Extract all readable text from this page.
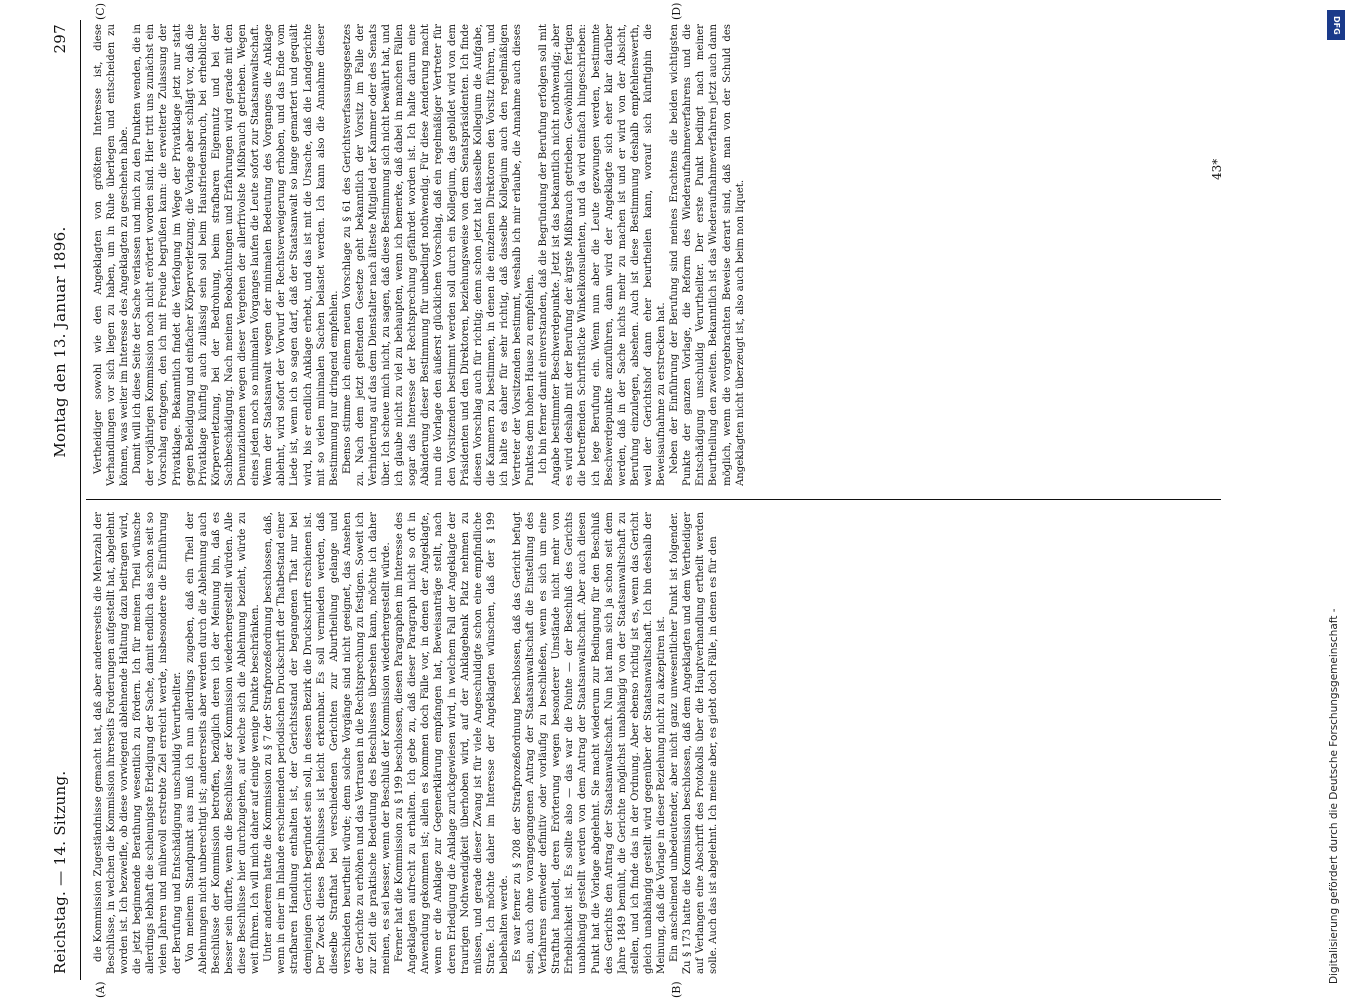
Reichstag. — 14. Sitzung.
Montag den 13. Januar 1896.
297
(A)	(B)
(C)	(D)

die Kommission Zugeständnisse gemacht hat, daß aber andererseits die Mehrzahl der Beschlüsse, in welchen die Kommission ihrerseits Forderungen aufgestellt hat, abgelehnt worden ist. Ich bezweifle, ob diese vorwiegend ablehnende Haltung dazu beitragen wird, die jetzt beginnende Berathung wesentlich zu fördern. Ich für meinen Theil wünsche allerdings lebhaft die schleunigste Erledigung der Sache, damit endlich das schon seit so vielen Jahren und mühevoll erstrebte Ziel erreicht werde, insbesondere die Einführung der Berufung und Entschädigung unschuldig Verurtheilter. Von meinem Standpunkt aus muß ich nun allerdings zugeben, daß ein Theil der Ablehnungen nicht unberechtigt ist; andererseits aber werden durch die Ablehnung auch Beschlüsse der Kommission betroffen, bezüglich deren ich der Meinung bin, daß es besser sein dürfte, wenn die Beschlüsse der Kommission wiederhergestellt würden. Alle diese Beschlüsse hier durchzugehen, auf welche sich die Ablehnung bezieht, würde zu weit führen. Ich will mich daher auf einige wenige Punkte beschränken. Unter anderem hatte die Kommission zu § 7 der Strafprozeßordnung beschlossen, daß, wenn in einer im Inlande erscheinenden periodischen Druckschrift der Thatbestand einer strafbaren Handlung enthalten ist, der Gerichtsstand der begangenen That nur bei demjenigen Gericht begründet sein soll, in dessen Bezirk die Druckschrift erschienen ist. Der Zweck dieses Beschlusses ist leicht erkennbar. Es soll vermieden werden, daß dieselbe Strafthat bei verschiedenen Gerichten zur Aburtheilung gelange und verschieden beurtheilt würde; denn solche Vorgänge sind nicht geeignet, das Ansehen der Gerichte zu erhöhen und das Vertrauen in die Rechtsprechung zu festigen. Soweit ich zur Zeit die praktische Bedeutung des Beschlusses übersehen kann, möchte ich daher meinen, es sei besser, wenn der Beschluß der Kommission wiederhergestellt würde. Ferner hat die Kommission zu § 199 beschlossen, diesen Paragraphen im Interesse des Angeklagten aufrecht zu erhalten. Ich gebe zu, daß dieser Paragraph nicht so oft in Anwendung gekommen ist; allein es kommen doch Fälle vor, in denen der Angeklagte, wenn er die Anklage zur Gegenerklärung empfangen hat, Beweisanträge stellt, nach deren Erledigung die Anklage zurückgewiesen wird, in welchem Fall der Angeklagte der traurigen Nothwendigkeit überhoben wird, auf der Anklagebank Platz nehmen zu müssen, und gerade dieser Zwang ist für viele Angeschuldigte schon eine empfindliche Strafe. Ich möchte daher im Interesse der Angeklagten wünschen, daß der § 199 beibehalten werde. Es war ferner zu § 208 der Strafprozeßordnung beschlossen, daß das Gericht befugt sein, auch ohne vorangegangenen Antrag der Staatsanwaltschaft die Einstellung des Verfahrens entweder definitiv oder vorläufig zu beschließen, wenn es sich um eine Strafthat handelt, deren Erörterung wegen besonderer Umstände nicht mehr von Erheblichkeit ist. Es sollte also — das war die Pointe — der Beschluß des Gerichts unabhängig gestellt werden von dem Antrag der Staatsanwaltschaft. Aber auch diesen Punkt hat die Vorlage abgelehnt. Sie macht wiederum zur Bedingung für den Beschluß des Gerichts den Antrag der Staatsanwaltschaft. Nun hat man sich ja schon seit dem Jahre 1849 bemüht, die Gerichte möglichst unabhängig von der Staatsanwaltschaft zu stellen, und ich finde das in der Ordnung. Aber ebenso richtig ist es, wenn das Gericht gleich unabhängig gestellt wird gegenüber der Staatsanwaltschaft. Ich bin deshalb der Meinung, daß die Vorlage in dieser Beziehung nicht zu akzeptiren ist. Ein anscheinend unbedeutender, aber nicht ganz unwesentlicher Punkt ist folgender. Zu § 173 hatte die Kommission beschlossen, daß dem Angeklagten und dem Vertheidiger auf Verlangen eine Abschrift des Protokolls über die Hauptverhandlung ertheilt werden solle. Auch das ist abgelehnt. Ich meine aber, es giebt doch Fälle, in denen es für den

Vertheidiger sowohl wie den Angeklagten von größtem Interesse ist, diese Verhandlungen vor sich liegen zu haben, um in Ruhe überlegen und entscheiden zu können, was weiter im Interesse des Angeklagten zu geschehen habe. Damit will ich diese Seite der Sache verlassen und mich zu den Punkten wenden, die in der vorjährigen Kommission noch nicht erörtert worden sind. Hier tritt uns zunächst ein Vorschlag entgegen, den ich mit Freude begrüßen kann: die erweiterte Zulassung der Privatklage. Bekanntlich findet die Verfolgung im Wege der Privatklage jetzt nur statt gegen Beleidigung und einfacher Körperverletzung; die Vorlage aber schlägt vor, daß die Privatklage künftig auch zulässig sein soll beim Hausfriedensbruch, bei erheblicher Körperverletzung, bei der Bedrohung, beim strafbaren Eigennutz und bei der Sachbeschädigung. Nach meinen Beobachtungen und Erfahrungen wird gerade mit den Denunziationen wegen dieser Vergehen der allerfrivolste Mißbrauch getrieben. Wegen eines jeden noch so minimalen Vorganges laufen die Leute sofort zur Staatsanwaltschaft. Wenn der Staatsanwalt wegen der minimalen Bedeutung des Vorganges die Anklage ablehnt, wird sofort der Vorwurf der Rechtsverweigerung erhoben, und das Ende vom Liede ist, wenn ich so sagen darf, daß der Staatsanwalt so lange gemartert und gequält wird, bis er endlich Anklage erhebt, und das ist mit die Ursache, daß die Landgerichte mit so vielen minimalen Sachen belastet werden. Ich kann also die Annahme dieser Bestimmung nur dringend empfehlen. Ebenso stimme ich einem neuen Vorschlage zu § 61 des Gerichtsverfassungsgesetzes zu. Nach dem jetzt geltenden Gesetze geht bekanntlich der Vorsitz im Falle der Verhinderung auf das dem Dienstalter nach älteste Mitglied der Kammer oder des Senats über. Ich scheue mich nicht, zu sagen, daß diese Bestimmung sich nicht bewährt hat, und ich glaube nicht zu viel zu behaupten, wenn ich bemerke, daß dabei in manchen Fällen sogar das Interesse der Rechtsprechung gefährdet worden ist. Ich halte darum eine Abänderung dieser Bestimmung für unbedingt nothwendig. Für diese Aenderung macht nun die Vorlage den äußerst glücklichen Vorschlag, daß ein regelmäßiger Vertreter für den Vorsitzenden bestimmt werden soll durch ein Kollegium, das gebildet wird von dem Präsidenten und den Direktoren, beziehungsweise von dem Senatspräsidenten. Ich finde diesen Vorschlag auch für richtig; denn schon jetzt hat dasselbe Kollegium die Aufgabe, die Kammern zu bestimmen, in denen die einzelnen Direktoren den Vorsitz führen, und ich halte es daher für sehr richtig, daß dasselbe Kollegium auch den regelmäßigen Vertreter der Vorsitzenden bestimmt, weshalb ich mir erlaube, die Annahme auch dieses Punktes dem hohen Hause zu empfehlen. Ich bin ferner damit einverstanden, daß die Begründung der Berufung erfolgen soll mit Angabe bestimmter Beschwerdepunkte. Jetzt ist das bekanntlich nicht nothwendig; aber es wird deshalb mit der Berufung der ärgste Mißbrauch getrieben. Gewöhnlich fertigen die betreffenden Schriftstücke Winkelkonsulenten, und da wird einfach hingeschrieben: ich lege Berufung ein. Wenn nun aber die Leute gezwungen werden, bestimmte Beschwerdepunkte anzuführen, dann wird der Angeklagte sich eher klar darüber werden, daß in der Sache nichts mehr zu machen ist und er wird von der Absicht, Berufung einzulegen, absehen. Auch ist diese Bestimmung deshalb empfehlenswerth, weil der Gerichtshof dann eher beurtheilen kann, worauf sich künftighin die Beweisaufnahme zu erstrecken hat. Neben der Einführung der Berufung sind meines Erachtens die beiden wichtigsten Punkte der ganzen Vorlage, die Reform des Wiederaufnahmeverfahrens und die Entschädigung unschuldig Verurtheilter. Der erste Punkt bedingt nach meiner Beurtheilung den zweiten. Bekanntlich ist das Wiederaufnahmeverfahren jetzt auch dann möglich, wenn die vorgebrachten Beweise derart sind, daß man von der Schuld des Angeklagten nicht überzeugt ist, also auch beim non liquet.

43*
DFG
Digitalisierung gefördert durch die Deutsche Forschungsgemeinschaft -
